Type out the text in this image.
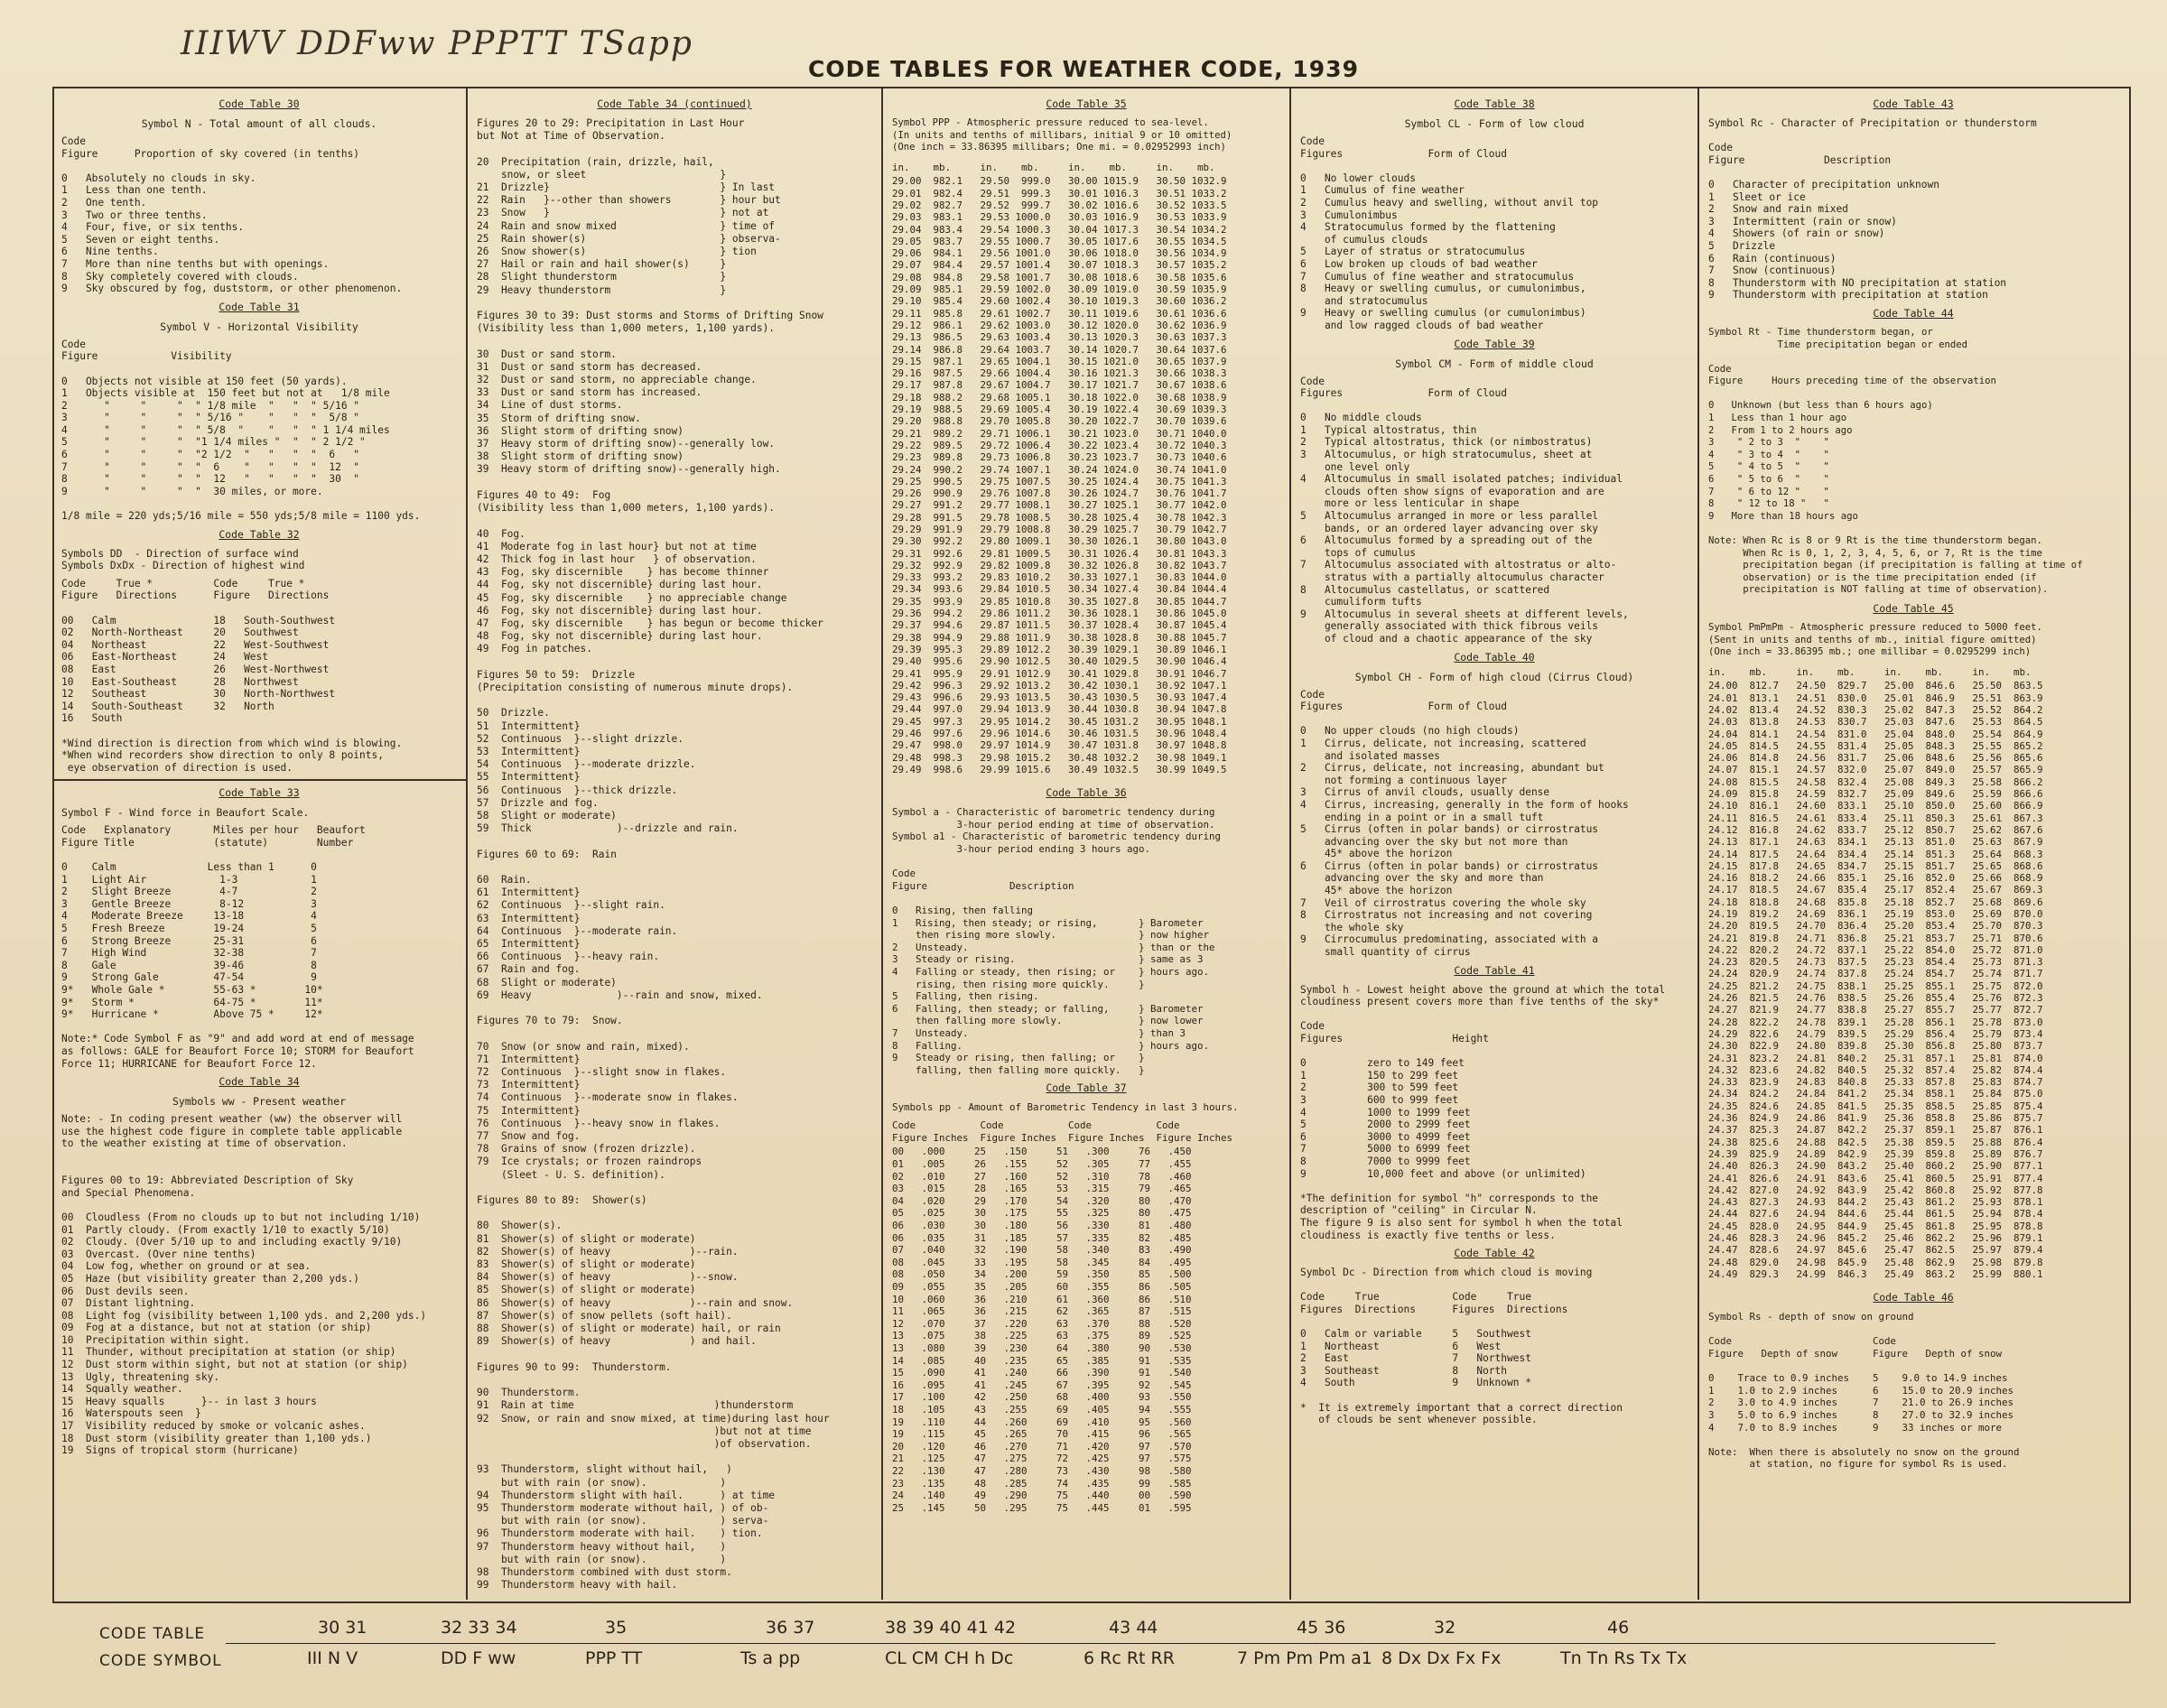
IIIWV DDFww PPPTT TSapp
CODE TABLES FOR WEATHER CODE, 1939
Code Table 30
Symbol N - Total amount of all clouds.
Code
Figure      Proportion of sky covered (in tenths)

0   Absolutely no clouds in sky.
1   Less than one tenth.
2   One tenth.
3   Two or three tenths.
4   Four, five, or six tenths.
5   Seven or eight tenths.
6   Nine tenths.
7   More than nine tenths but with openings.
8   Sky completely covered with clouds.
9   Sky obscured by fog, duststorm, or other phenomenon.
Code Table 31
Symbol V - Horizontal Visibility
Code
Figure            Visibility

0   Objects not visible at 150 feet (50 yards).
1   Objects visible at  150 feet but not at   1/8 mile
2      "     "     "  " 1/8 mile  "   "  " 5/16 "
3      "     "     "  " 5/16 "    "   "  "  5/8 "
4      "     "     "  " 5/8  "    "   "  " 1 1/4 miles
5      "     "     "  "1 1/4 miles "  "  " 2 1/2 "
6      "     "     "  "2 1/2  "   "   "  "  6   "
7      "     "     "  "  6    "   "   "  "  12  "
8      "     "     "  "  12   "   "   "  "  30  "
9      "     "     "  "  30 miles, or more.

1/8 mile = 220 yds;5/16 mile = 550 yds;5/8 mile = 1100 yds.
Code Table 32
Symbols DD  - Direction of surface wind
Symbols DxDx - Direction of highest wind
Code     True *          Code     True *
Figure   Directions      Figure   Directions

00   Calm                18   South-Southwest
02   North-Northeast     20   Southwest
04   Northeast           22   West-Southwest
06   East-Northeast      24   West
08   East                26   West-Northwest
10   East-Southeast      28   Northwest
12   Southeast           30   North-Northwest
14   South-Southeast     32   North
16   South

*Wind direction is direction from which wind is blowing.
*When wind recorders show direction to only 8 points,
eye observation of direction is used.
Code Table 33
Symbol F - Wind force in Beaufort Scale.
Code   Explanatory       Miles per hour   Beaufort
Figure Title             (statute)        Number

0    Calm               Less than 1      0
1    Light Air            1-3            1
2    Slight Breeze        4-7            2
3    Gentle Breeze        8-12           3
4    Moderate Breeze     13-18           4
5    Fresh Breeze        19-24           5
6    Strong Breeze       25-31           6
7    High Wind           32-38           7
8    Gale                39-46           8
9    Strong Gale         47-54           9
9*   Whole Gale *        55-63 *        10*
9*   Storm *             64-75 *        11*
9*   Hurricane *         Above 75 *     12*

Note:* Code Symbol F as "9" and add word at end of message
as follows: GALE for Beaufort Force 10; STORM for Beaufort
Force 11; HURRICANE for Beaufort Force 12.
Code Table 34
Symbols ww - Present weather
Note: - In coding present weather (ww) the observer will
use the highest code figure in complete table applicable
to the weather existing at time of observation.

Figures 00 to 19: Abbreviated Description of Sky
and Special Phenomena.

00  Cloudless (From no clouds up to but not including 1/10)
01  Partly cloudy. (From exactly 1/10 to exactly 5/10)
02  Cloudy. (Over 5/10 up to and including exactly 9/10)
03  Overcast. (Over nine tenths)
04  Low fog, whether on ground or at sea.
05  Haze (but visibility greater than 2,200 yds.)
06  Dust devils seen.
07  Distant lightning.
08  Light fog (visibility between 1,100 yds. and 2,200 yds.)
09  Fog at a distance, but not at station (or ship)
10  Precipitation within sight.
11  Thunder, without precipitation at station (or ship)
12  Dust storm within sight, but not at station (or ship)
13  Ugly, threatening sky.
14  Squally weather.
15  Heavy squalls      }-- in last 3 hours
16  Waterspouts seen  }
17  Visibility reduced by smoke or volcanic ashes.
18  Dust storm (visibility greater than 1,100 yds.)
19  Signs of tropical storm (hurricane)
Code Table 34 (continued)
Figures 20 to 29: Precipitation in Last Hour
but Not at Time of Observation.

20  Precipitation (rain, drizzle, hail,
snow, or sleet                      }
21  Drizzle}                            } In last
22  Rain   }--other than showers        } hour but
23  Snow   }                            } not at
24  Rain and snow mixed                 } time of
25  Rain shower(s)                      } observa-
26  Snow shower(s)                      } tion
27  Hail or rain and hail shower(s)     }
28  Slight thunderstorm                 }
29  Heavy thunderstorm                  }

Figures 30 to 39: Dust storms and Storms of Drifting Snow
(Visibility less than 1,000 meters, 1,100 yards).

30  Dust or sand storm.
31  Dust or sand storm has decreased.
32  Dust or sand storm, no appreciable change.
33  Dust or sand storm has increased.
34  Line of dust storms.
35  Storm of drifting snow.
36  Slight storm of drifting snow)
37  Heavy storm of drifting snow)--generally low.
38  Slight storm of drifting snow)
39  Heavy storm of drifting snow)--generally high.

Figures 40 to 49:  Fog
(Visibility less than 1,000 meters, 1,100 yards).

40  Fog.
41  Moderate fog in last hour} but not at time
42  Thick fog in last hour   } of observation.
43  Fog, sky discernible    } has become thinner
44  Fog, sky not discernible} during last hour.
45  Fog, sky discernible    } no appreciable change
46  Fog, sky not discernible} during last hour.
47  Fog, sky discernible    } has begun or become thicker
48  Fog, sky not discernible} during last hour.
49  Fog in patches.

Figures 50 to 59:  Drizzle
(Precipitation consisting of numerous minute drops).

50  Drizzle.
51  Intermittent}
52  Continuous  }--slight drizzle.
53  Intermittent}
54  Continuous  }--moderate drizzle.
55  Intermittent}
56  Continuous  }--thick drizzle.
57  Drizzle and fog.
58  Slight or moderate)
59  Thick              )--drizzle and rain.

Figures 60 to 69:  Rain

60  Rain.
61  Intermittent}
62  Continuous  }--slight rain.
63  Intermittent}
64  Continuous  }--moderate rain.
65  Intermittent}
66  Continuous  }--heavy rain.
67  Rain and fog.
68  Slight or moderate)
69  Heavy              )--rain and snow, mixed.

Figures 70 to 79:  Snow.

70  Snow (or snow and rain, mixed).
71  Intermittent}
72  Continuous  }--slight snow in flakes.
73  Intermittent}
74  Continuous  }--moderate snow in flakes.
75  Intermittent}
76  Continuous  }--heavy snow in flakes.
77  Snow and fog.
78  Grains of snow (frozen drizzle).
79  Ice crystals; or frozen raindrops
(Sleet - U. S. definition).

Figures 80 to 89:  Shower(s)

80  Shower(s).
81  Shower(s) of slight or moderate)
82  Shower(s) of heavy             )--rain.
83  Shower(s) of slight or moderate)
84  Shower(s) of heavy             )--snow.
85  Shower(s) of slight or moderate)
86  Shower(s) of heavy             )--rain and snow.
87  Shower(s) of snow pellets (soft hail).
88  Shower(s) of slight or moderate) hail, or rain
89  Shower(s) of heavy             ) and hail.

Figures 90 to 99:  Thunderstorm.

90  Thunderstorm.
91  Rain at time                       )thunderstorm
92  Snow, or rain and snow mixed, at time)during last hour
)but not at time
)of observation.

93  Thunderstorm, slight without hail,   )
but with rain (or snow).            )
94  Thunderstorm slight with hail.      ) at time
95  Thunderstorm moderate without hail, ) of ob-
but with rain (or snow).            ) serva-
96  Thunderstorm moderate with hail.    ) tion.
97  Thunderstorm heavy without hail,    )
but with rain (or snow).            )
98  Thunderstorm combined with dust storm.
99  Thunderstorm heavy with hail.
Code Table 35
Symbol PPP - Atmospheric pressure reduced to sea-level.
(In units and tenths of millibars, initial 9 or 10 omitted)
(One inch = 33.86395 millibars; One mi. = 0.02952993 inch)
in.    mb.     in.    mb.     in.    mb.     in.    mb.
29.00  982.1   29.50  999.0   30.00 1015.9   30.50 1032.9
29.01  982.4   29.51  999.3   30.01 1016.3   30.51 1033.2
29.02  982.7   29.52  999.7   30.02 1016.6   30.52 1033.5
29.03  983.1   29.53 1000.0   30.03 1016.9   30.53 1033.9
29.04  983.4   29.54 1000.3   30.04 1017.3   30.54 1034.2
29.05  983.7   29.55 1000.7   30.05 1017.6   30.55 1034.5
29.06  984.1   29.56 1001.0   30.06 1018.0   30.56 1034.9
29.07  984.4   29.57 1001.4   30.07 1018.3   30.57 1035.2
29.08  984.8   29.58 1001.7   30.08 1018.6   30.58 1035.6
29.09  985.1   29.59 1002.0   30.09 1019.0   30.59 1035.9
29.10  985.4   29.60 1002.4   30.10 1019.3   30.60 1036.2
29.11  985.8   29.61 1002.7   30.11 1019.6   30.61 1036.6
29.12  986.1   29.62 1003.0   30.12 1020.0   30.62 1036.9
29.13  986.5   29.63 1003.4   30.13 1020.3   30.63 1037.3
29.14  986.8   29.64 1003.7   30.14 1020.7   30.64 1037.6
29.15  987.1   29.65 1004.1   30.15 1021.0   30.65 1037.9
29.16  987.5   29.66 1004.4   30.16 1021.3   30.66 1038.3
29.17  987.8   29.67 1004.7   30.17 1021.7   30.67 1038.6
29.18  988.2   29.68 1005.1   30.18 1022.0   30.68 1038.9
29.19  988.5   29.69 1005.4   30.19 1022.4   30.69 1039.3
29.20  988.8   29.70 1005.8   30.20 1022.7   30.70 1039.6
29.21  989.2   29.71 1006.1   30.21 1023.0   30.71 1040.0
29.22  989.5   29.72 1006.4   30.22 1023.4   30.72 1040.3
29.23  989.8   29.73 1006.8   30.23 1023.7   30.73 1040.6
29.24  990.2   29.74 1007.1   30.24 1024.0   30.74 1041.0
29.25  990.5   29.75 1007.5   30.25 1024.4   30.75 1041.3
29.26  990.9   29.76 1007.8   30.26 1024.7   30.76 1041.7
29.27  991.2   29.77 1008.1   30.27 1025.1   30.77 1042.0
29.28  991.5   29.78 1008.5   30.28 1025.4   30.78 1042.3
29.29  991.9   29.79 1008.8   30.29 1025.7   30.79 1042.7
29.30  992.2   29.80 1009.1   30.30 1026.1   30.80 1043.0
29.31  992.6   29.81 1009.5   30.31 1026.4   30.81 1043.3
29.32  992.9   29.82 1009.8   30.32 1026.8   30.82 1043.7
29.33  993.2   29.83 1010.2   30.33 1027.1   30.83 1044.0
29.34  993.6   29.84 1010.5   30.34 1027.4   30.84 1044.4
29.35  993.9   29.85 1010.8   30.35 1027.8   30.85 1044.7
29.36  994.2   29.86 1011.2   30.36 1028.1   30.86 1045.0
29.37  994.6   29.87 1011.5   30.37 1028.4   30.87 1045.4
29.38  994.9   29.88 1011.9   30.38 1028.8   30.88 1045.7
29.39  995.3   29.89 1012.2   30.39 1029.1   30.89 1046.1
29.40  995.6   29.90 1012.5   30.40 1029.5   30.90 1046.4
29.41  995.9   29.91 1012.9   30.41 1029.8   30.91 1046.7
29.42  996.3   29.92 1013.2   30.42 1030.1   30.92 1047.1
29.43  996.6   29.93 1013.5   30.43 1030.5   30.93 1047.4
29.44  997.0   29.94 1013.9   30.44 1030.8   30.94 1047.8
29.45  997.3   29.95 1014.2   30.45 1031.2   30.95 1048.1
29.46  997.6   29.96 1014.6   30.46 1031.5   30.96 1048.4
29.47  998.0   29.97 1014.9   30.47 1031.8   30.97 1048.8
29.48  998.3   29.98 1015.2   30.48 1032.2   30.98 1049.1
29.49  998.6   29.99 1015.6   30.49 1032.5   30.99 1049.5
Code Table 36
Symbol a - Characteristic of barometric tendency during
3-hour period ending at time of observation.
Symbol a1 - Characteristic of barometric tendency during
3-hour period ending 3 hours ago.

Code
Figure              Description

0   Rising, then falling
1   Rising, then steady; or rising,       } Barometer
then rising more slowly.              } now higher
2   Unsteady.                             } than or the
3   Steady or rising.                     } same as 3
4   Falling or steady, then rising; or    } hours ago.
rising, then rising more quickly.     }
5   Falling, then rising.
6   Falling, then steady; or falling,     } Barometer
then falling more slowly.             } now lower
7   Unsteady.                             } than 3
8   Falling.                              } hours ago.
9   Steady or rising, then falling; or    }
falling, then falling more quickly.   }
Code Table 37
Symbols pp - Amount of Barometric Tendency in last 3 hours.
Code           Code           Code           Code
Figure Inches  Figure Inches  Figure Inches  Figure Inches
00   .000     25   .150     51   .300     76   .450
01   .005     26   .155     52   .305     77   .455
02   .010     27   .160     52   .310     78   .460
03   .015     28   .165     53   .315     79   .465
04   .020     29   .170     54   .320     80   .470
05   .025     30   .175     55   .325     80   .475
06   .030     30   .180     56   .330     81   .480
06   .035     31   .185     57   .335     82   .485
07   .040     32   .190     58   .340     83   .490
08   .045     33   .195     58   .345     84   .495
08   .050     34   .200     59   .350     85   .500
09   .055     35   .205     60   .355     86   .505
10   .060     36   .210     61   .360     86   .510
11   .065     36   .215     62   .365     87   .515
12   .070     37   .220     63   .370     88   .520
13   .075     38   .225     63   .375     89   .525
13   .080     39   .230     64   .380     90   .530
14   .085     40   .235     65   .385     91   .535
15   .090     41   .240     66   .390     91   .540
16   .095     41   .245     67   .395     92   .545
17   .100     42   .250     68   .400     93   .550
18   .105     43   .255     69   .405     94   .555
19   .110     44   .260     69   .410     95   .560
19   .115     45   .265     70   .415     96   .565
20   .120     46   .270     71   .420     97   .570
21   .125     47   .275     72   .425     97   .575
22   .130     47   .280     73   .430     98   .580
23   .135     48   .285     74   .435     99   .585
24   .140     49   .290     75   .440     00   .590
25   .145     50   .295     75   .445     01   .595
Code Table 38
Symbol CL - Form of low cloud
Code
Figures              Form of Cloud

0   No lower clouds
1   Cumulus of fine weather
2   Cumulus heavy and swelling, without anvil top
3   Cumulonimbus
4   Stratocumulus formed by the flattening
of cumulus clouds
5   Layer of stratus or stratocumulus
6   Low broken up clouds of bad weather
7   Cumulus of fine weather and stratocumulus
8   Heavy or swelling cumulus, or cumulonimbus,
and stratocumulus
9   Heavy or swelling cumulus (or cumulonimbus)
and low ragged clouds of bad weather
Code Table 39
Symbol CM - Form of middle cloud
Code
Figures              Form of Cloud

0   No middle clouds
1   Typical altostratus, thin
2   Typical altostratus, thick (or nimbostratus)
3   Altocumulus, or high stratocumulus, sheet at
one level only
4   Altocumulus in small isolated patches; individual
clouds often show signs of evaporation and are
more or less lenticular in shape
5   Altocumulus arranged in more or less parallel
bands, or an ordered layer advancing over sky
6   Altocumulus formed by a spreading out of the
tops of cumulus
7   Altocumulus associated with altostratus or alto-
stratus with a partially altocumulus character
8   Altocumulus castellatus, or scattered
cumuliform tufts
9   Altocumulus in several sheets at different levels,
generally associated with thick fibrous veils
of cloud and a chaotic appearance of the sky
Code Table 40
Symbol CH - Form of high cloud (Cirrus Cloud)
Code
Figures              Form of Cloud

0   No upper clouds (no high clouds)
1   Cirrus, delicate, not increasing, scattered
and isolated masses
2   Cirrus, delicate, not increasing, abundant but
not forming a continuous layer
3   Cirrus of anvil clouds, usually dense
4   Cirrus, increasing, generally in the form of hooks
ending in a point or in a small tuft
5   Cirrus (often in polar bands) or cirrostratus
advancing over the sky but not more than
45* above the horizon
6   Cirrus (often in polar bands) or cirrostratus
advancing over the sky and more than
45* above the horizon
7   Veil of cirrostratus covering the whole sky
8   Cirrostratus not increasing and not covering
the whole sky
9   Cirrocumulus predominating, associated with a
small quantity of cirrus
Code Table 41
Symbol h - Lowest height above the ground at which the total
cloudiness present covers more than five tenths of the sky*

Code
Figures                  Height

0          zero to 149 feet
1          150 to 299 feet
2          300 to 599 feet
3          600 to 999 feet
4          1000 to 1999 feet
5          2000 to 2999 feet
6          3000 to 4999 feet
7          5000 to 6999 feet
8          7000 to 9999 feet
9          10,000 feet and above (or unlimited)

*The definition for symbol "h" corresponds to the
description of "ceiling" in Circular N.
The figure 9 is also sent for symbol h when the total
cloudiness is exactly five tenths or less.
Code Table 42
Symbol Dc - Direction from which cloud is moving

Code     True            Code     True
Figures  Directions      Figures  Directions

0   Calm or variable     5   Southwest
1   Northeast            6   West
2   East                 7   Northwest
3   Southeast            8   North
4   South                9   Unknown *

*  It is extremely important that a correct direction
of clouds be sent whenever possible.
Code Table 43
Symbol Rc - Character of Precipitation or thunderstorm

Code
Figure             Description

0   Character of precipitation unknown
1   Sleet or ice
2   Snow and rain mixed
3   Intermittent (rain or snow)
4   Showers (of rain or snow)
5   Drizzle
6   Rain (continuous)
7   Snow (continuous)
8   Thunderstorm with NO precipitation at station
9   Thunderstorm with precipitation at station
Code Table 44
Symbol Rt - Time thunderstorm began, or
Time precipitation began or ended

Code
Figure     Hours preceding time of the observation

0   Unknown (but less than 6 hours ago)
1   Less than 1 hour ago
2   From 1 to 2 hours ago
3    " 2 to 3  "    "
4    " 3 to 4  "    "
5    " 4 to 5  "    "
6    " 5 to 6  "    "
7    " 6 to 12 "    "
8    " 12 to 18 "   "
9   More than 18 hours ago

Note: When Rc is 8 or 9 Rt is the time thunderstorm began.
When Rc is 0, 1, 2, 3, 4, 5, 6, or 7, Rt is the time
precipitation began (if precipitation is falling at time of
observation) or is the time precipitation ended (if
precipitation is NOT falling at time of observation).
Code Table 45
Symbol PmPmPm - Atmospheric pressure reduced to 5000 feet.
(Sent in units and tenths of mb., initial figure omitted)
(One inch = 33.86395 mb.; one millibar = 0.0295299 inch)
in.    mb.     in.    mb.     in.    mb.     in.    mb.
24.00  812.7   24.50  829.7   25.00  846.6   25.50  863.5
24.01  813.1   24.51  830.0   25.01  846.9   25.51  863.9
24.02  813.4   24.52  830.3   25.02  847.3   25.52  864.2
24.03  813.8   24.53  830.7   25.03  847.6   25.53  864.5
24.04  814.1   24.54  831.0   25.04  848.0   25.54  864.9
24.05  814.5   24.55  831.4   25.05  848.3   25.55  865.2
24.06  814.8   24.56  831.7   25.06  848.6   25.56  865.6
24.07  815.1   24.57  832.0   25.07  849.0   25.57  865.9
24.08  815.5   24.58  832.4   25.08  849.3   25.58  866.2
24.09  815.8   24.59  832.7   25.09  849.6   25.59  866.6
24.10  816.1   24.60  833.1   25.10  850.0   25.60  866.9
24.11  816.5   24.61  833.4   25.11  850.3   25.61  867.3
24.12  816.8   24.62  833.7   25.12  850.7   25.62  867.6
24.13  817.1   24.63  834.1   25.13  851.0   25.63  867.9
24.14  817.5   24.64  834.4   25.14  851.3   25.64  868.3
24.15  817.8   24.65  834.7   25.15  851.7   25.65  868.6
24.16  818.2   24.66  835.1   25.16  852.0   25.66  868.9
24.17  818.5   24.67  835.4   25.17  852.4   25.67  869.3
24.18  818.8   24.68  835.8   25.18  852.7   25.68  869.6
24.19  819.2   24.69  836.1   25.19  853.0   25.69  870.0
24.20  819.5   24.70  836.4   25.20  853.4   25.70  870.3
24.21  819.8   24.71  836.8   25.21  853.7   25.71  870.6
24.22  820.2   24.72  837.1   25.22  854.0   25.72  871.0
24.23  820.5   24.73  837.5   25.23  854.4   25.73  871.3
24.24  820.9   24.74  837.8   25.24  854.7   25.74  871.7
24.25  821.2   24.75  838.1   25.25  855.1   25.75  872.0
24.26  821.5   24.76  838.5   25.26  855.4   25.76  872.3
24.27  821.9   24.77  838.8   25.27  855.7   25.77  872.7
24.28  822.2   24.78  839.1   25.28  856.1   25.78  873.0
24.29  822.6   24.79  839.5   25.29  856.4   25.79  873.4
24.30  822.9   24.80  839.8   25.30  856.8   25.80  873.7
24.31  823.2   24.81  840.2   25.31  857.1   25.81  874.0
24.32  823.6   24.82  840.5   25.32  857.4   25.82  874.4
24.33  823.9   24.83  840.8   25.33  857.8   25.83  874.7
24.34  824.2   24.84  841.2   25.34  858.1   25.84  875.0
24.35  824.6   24.85  841.5   25.35  858.5   25.85  875.4
24.36  824.9   24.86  841.9   25.36  858.8   25.86  875.7
24.37  825.3   24.87  842.2   25.37  859.1   25.87  876.1
24.38  825.6   24.88  842.5   25.38  859.5   25.88  876.4
24.39  825.9   24.89  842.9   25.39  859.8   25.89  876.7
24.40  826.3   24.90  843.2   25.40  860.2   25.90  877.1
24.41  826.6   24.91  843.6   25.41  860.5   25.91  877.4
24.42  827.0   24.92  843.9   25.42  860.8   25.92  877.8
24.43  827.3   24.93  844.2   25.43  861.2   25.93  878.1
24.44  827.6   24.94  844.6   25.44  861.5   25.94  878.4
24.45  828.0   24.95  844.9   25.45  861.8   25.95  878.8
24.46  828.3   24.96  845.2   25.46  862.2   25.96  879.1
24.47  828.6   24.97  845.6   25.47  862.5   25.97  879.4
24.48  829.0   24.98  845.9   25.48  862.9   25.98  879.8
24.49  829.3   24.99  846.3   25.49  863.2   25.99  880.1
Code Table 46
Symbol Rs - depth of snow on ground

Code                        Code
Figure   Depth of snow      Figure   Depth of snow

0    Trace to 0.9 inches    5    9.0 to 14.9 inches
1    1.0 to 2.9 inches      6    15.0 to 20.9 inches
2    3.0 to 4.9 inches      7    21.0 to 26.9 inches
3    5.0 to 6.9 inches      8    27.0 to 32.9 inches
4    7.0 to 8.9 inches      9    33 inches or more

Note:  When there is absolutely no snow on the ground
at station, no figure for symbol Rs is used.
CODE TABLE
CODE SYMBOL
30 31
III N V
32 33 34
DD F ww
35
PPP TT
36 37
Ts a pp
38 39 40 41 42
CL CM CH h Dc
43 44
6 Rc Rt RR
45 36
7 Pm Pm Pm a1
32
8 Dx Dx Fx Fx
46
Tn Tn Rs Tx Tx
